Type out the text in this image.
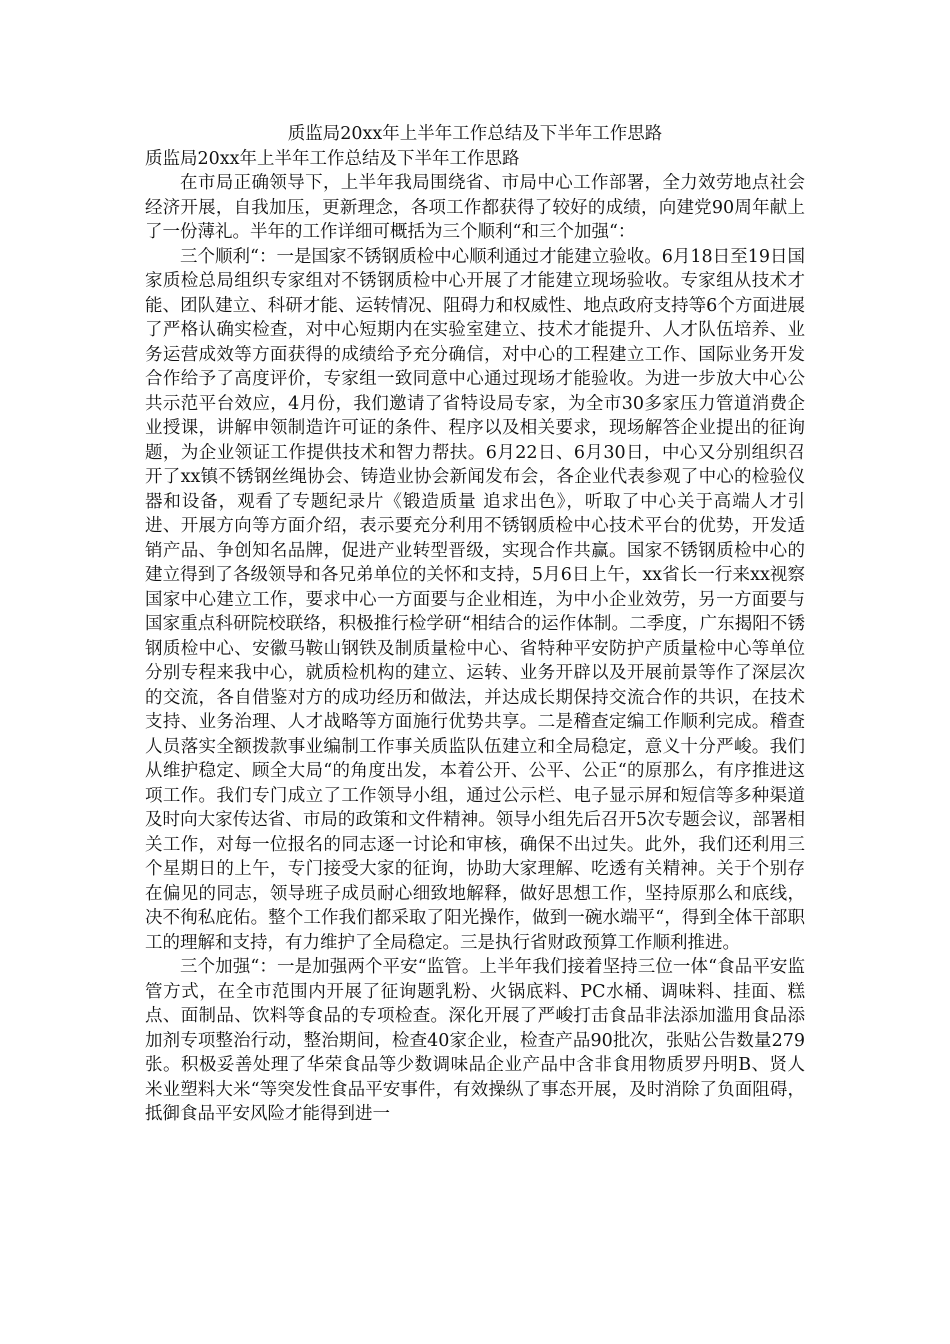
质监局20xx年上半年工作总结及下半年工作思路

质监局20xx年上半年工作总结及下半年工作思路

在市局正确领导下，上半年我局围绕省、市局中心工作部署，全力效劳地点社会经济开展，自我加压，更新理念，各项工作都获得了较好的成绩，向建党90周年献上了一份薄礼。半年的工作详细可概括为三个顺利“和三个加强“：

三个顺利“：一是国家不锈钢质检中心顺利通过才能建立验收。6月18日至19日国家质检总局组织专家组对不锈钢质检中心开展了才能建立现场验收。专家组从技术才能、团队建立、科研才能、运转情况、阻碍力和权威性、地点政府支持等6个方面进展了严格认确实检查，对中心短期内在实验室建立、技术才能提升、人才队伍培养、业务运营成效等方面获得的成绩给予充分确信，对中心的工程建立工作、国际业务开发合作给予了高度评价，专家组一致同意中心通过现场才能验收。为进一步放大中心公共示范平台效应，4月份，我们邀请了省特设局专家，为全市30多家压力管道消费企业授课，讲解申领制造许可证的条件、程序以及相关要求，现场解答企业提出的征询题，为企业领证工作提供技术和智力帮扶。6月22日、6月30日，中心又分别组织召开了xx镇不锈钢丝绳协会、铸造业协会新闻发布会，各企业代表参观了中心的检验仪器和设备，观看了专题纪录片《锻造质量 追求出色》，听取了中心关于高端人才引进、开展方向等方面介绍，表示要充分利用不锈钢质检中心技术平台的优势，开发适销产品、争创知名品牌，促进产业转型晋级，实现合作共赢。国家不锈钢质检中心的建立得到了各级领导和各兄弟单位的关怀和支持，5月6日上午，xx省长一行来xx视察国家中心建立工作，要求中心一方面要与企业相连，为中小企业效劳，另一方面要与国家重点科研院校联络，积极推行检学研“相结合的运作体制。二季度，广东揭阳不锈钢质检中心、安徽马鞍山钢铁及制质量检中心、省特种平安防护产质量检中心等单位分别专程来我中心，就质检机构的建立、运转、业务开辟以及开展前景等作了深层次的交流，各自借鉴对方的成功经历和做法，并达成长期保持交流合作的共识，在技术支持、业务治理、人才战略等方面施行优势共享。二是稽查定编工作顺利完成。稽查人员落实全额拨款事业编制工作事关质监队伍建立和全局稳定，意义十分严峻。我们从维护稳定、顾全大局“的角度出发，本着公开、公平、公正“的原那么，有序推进这项工作。我们专门成立了工作领导小组，通过公示栏、电子显示屏和短信等多种渠道及时向大家传达省、市局的政策和文件精神。领导小组先后召开5次专题会议，部署相关工作，对每一位报名的同志逐一讨论和审核，确保不出过失。此外，我们还利用三个星期日的上午，专门接受大家的征询，协助大家理解、吃透有关精神。关于个别存在偏见的同志，领导班子成员耐心细致地解释，做好思想工作，坚持原那么和底线，决不徇私庇佑。整个工作我们都采取了阳光操作，做到一碗水端平“，得到全体干部职工的理解和支持，有力维护了全局稳定。三是执行省财政预算工作顺利推进。

三个加强“：一是加强两个平安“监管。上半年我们接着坚持三位一体“食品平安监管方式，在全市范围内开展了征询题乳粉、火锅底料、PC水桶、调味料、挂面、糕点、面制品、饮料等食品的专项检查。深化开展了严峻打击食品非法添加滥用食品添加剂专项整治行动，整治期间，检查40家企业，检查产品90批次，张贴公告数量279张。积极妥善处理了华荣食品等少数调味品企业产品中含非食用物质罗丹明B、贤人米业塑料大米“等突发性食品平安事件，有效操纵了事态开展，及时消除了负面阻碍，抵御食品平安风险才能得到进一
